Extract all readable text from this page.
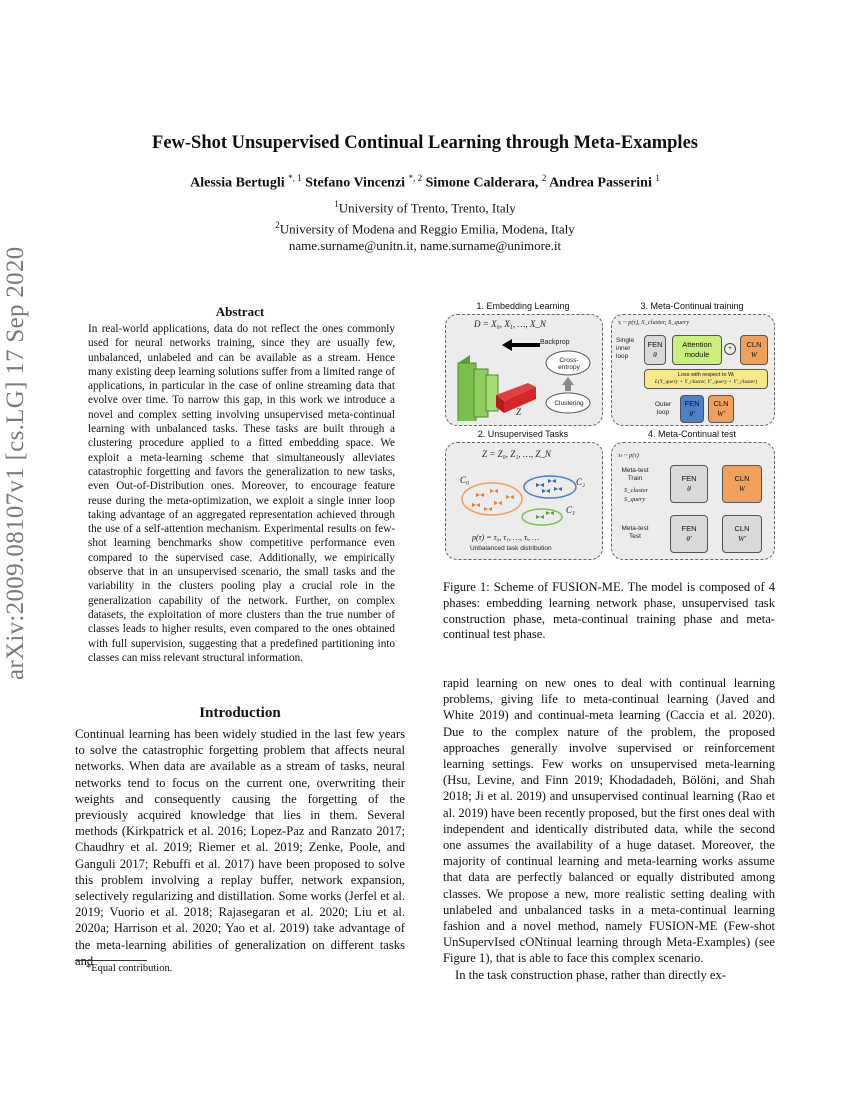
arXiv:2009.08107v1 [cs.LG] 17 Sep 2020
Few-Shot Unsupervised Continual Learning through Meta-Examples
Alessia Bertugli $^{*, 1}$ Stefano Vincenzi $^{*, 2}$ Simone Calderara, $^2$ Andrea Passerini $^1$
$^1$University of Trento, Trento, Italy
$^2$University of Modena and Reggio Emilia, Modena, Italy
name.surname@unitn.it, name.surname@unimore.it
Abstract
In real-world applications, data do not reflect the ones commonly used for neural networks training, since they are usually few, unbalanced, unlabeled and can be available as a stream. Hence many existing deep learning solutions suffer from a limited range of applications, in particular in the case of online streaming data that evolve over time. To narrow this gap, in this work we introduce a novel and complex setting involving unsupervised meta-continual learning with unbalanced tasks. These tasks are built through a clustering procedure applied to a fitted embedding space. We exploit a meta-learning scheme that simultaneously alleviates catastrophic forgetting and favors the generalization to new tasks, even Out-of-Distribution ones. Moreover, to encourage feature reuse during the meta-optimization, we exploit a single inner loop taking advantage of an aggregated representation achieved through the use of a self-attention mechanism. Experimental results on few-shot learning benchmarks show competitive performance even compared to the supervised case. Additionally, we empirically observe that in an unsupervised scenario, the small tasks and the variability in the clusters pooling play a crucial role in the generalization capability of the network. Further, on complex datasets, the exploitation of more clusters than the true number of classes leads to higher results, even compared to the ones obtained with full supervision, suggesting that a predefined partitioning into classes can miss relevant structural information.
Introduction

Continual learning has been widely studied in the last few years to solve the catastrophic forgetting problem that affects neural networks. When data are available as a stream of tasks, neural networks tend to focus on the current one, overwriting their weights and consequently causing the forgetting of the previously acquired knowledge that lies in them. Several methods (Kirkpatrick et al. 2016; Lopez-Paz and Ranzato 2017; Chaudhry et al. 2019; Riemer et al. 2019; Zenke, Poole, and Ganguli 2017; Rebuffi et al. 2017) have been proposed to solve this problem involving a replay buffer, network expansion, selectively regularizing and distillation. Some works (Jerfel et al. 2019; Vuorio et al. 2018; Rajasegaran et al. 2020; Liu et al. 2020a; Harrison et al. 2020; Yao et al. 2019) take advantage of the meta-learning abilities of generalization on different tasks and

*Equal contribution.
1. Embedding Learning
D = X₀, X₁, …, X_N
Backprop
Cross-entropy
Clustering
Z
3. Meta-Continual training
τᵢ ~ p(τ), S_cluster, S_query
Single inner loop
FEN
θ
Attention module
+	CLN
W
Loss with respect to Wᵢ
L(Y_query + Y_cluster, Y'_query + Y'_cluster)
Outer loop
FEN
θ'
CLN
W'
2. Unsupervised Tasks
Z = Z₀, Z₁, …, Z_N
C₀	C₂
C₁
p(τ) = τ₀, τ₁, …, τᵢ, …
Unbalanced task distribution
4. Meta-Continual test
τₜ ~ p(τ)
Meta-test Train
S_cluster
S_query
Meta-test Test
FEN
θ
CLN
W
FEN
θ'
CLN
W'
Figure 1: Scheme of FUSION-ME. The model is composed of 4 phases: embedding learning network phase, unsupervised task construction phase, meta-continual training phase and meta-continual test phase.

rapid learning on new ones to deal with continual learning problems, giving life to meta-continual learning (Javed and White 2019) and continual-meta learning (Caccia et al. 2020). Due to the complex nature of the problem, the proposed approaches generally involve supervised or reinforcement learning settings. Few works on unsupervised meta-learning (Hsu, Levine, and Finn 2019; Khodadadeh, Bölöni, and Shah 2018; Ji et al. 2019) and unsupervised continual learning (Rao et al. 2019) have been recently proposed, but the first ones deal with independent and identically distributed data, while the second one assumes the availability of a huge dataset. Moreover, the majority of continual learning and meta-learning works assume that data are perfectly balanced or equally distributed among classes. We propose a new, more realistic setting dealing with unlabeled and unbalanced tasks in a meta-continual learning fashion and a novel method, namely FUSION-ME (Few-shot UnSupervIsed cONtinual learning through Meta-Examples) (see Figure 1), that is able to face this complex scenario.

In the task construction phase, rather than directly ex-
